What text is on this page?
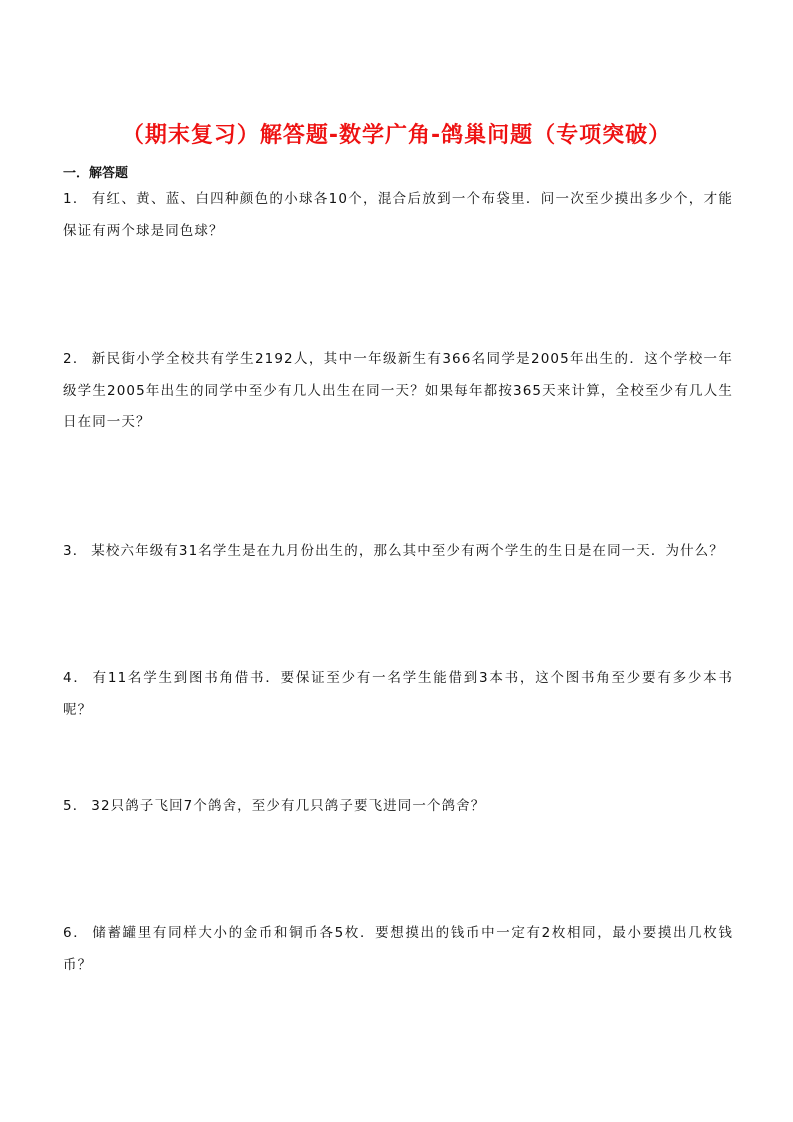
（期末复习）解答题-数学广角-鸽巢问题（专项突破）
一．解答题
1． 有红、黄、蓝、白四种颜色的小球各10个，混合后放到一个布袋里．问一次至少摸出多少个，才能保证有两个球是同色球？
2． 新民街小学全校共有学生2192人，其中一年级新生有366名同学是2005年出生的．这个学校一年级学生2005年出生的同学中至少有几人出生在同一天？如果每年都按365天来计算，全校至少有几人生日在同一天？
3． 某校六年级有31名学生是在九月份出生的，那么其中至少有两个学生的生日是在同一天．为什么？
4． 有11名学生到图书角借书．要保证至少有一名学生能借到3本书，这个图书角至少要有多少本书呢？
5． 32只鸽子飞回7个鸽舍，至少有几只鸽子要飞进同一个鸽舍？
6． 储蓄罐里有同样大小的金币和铜币各5枚．要想摸出的钱币中一定有2枚相同，最小要摸出几枚钱币？
